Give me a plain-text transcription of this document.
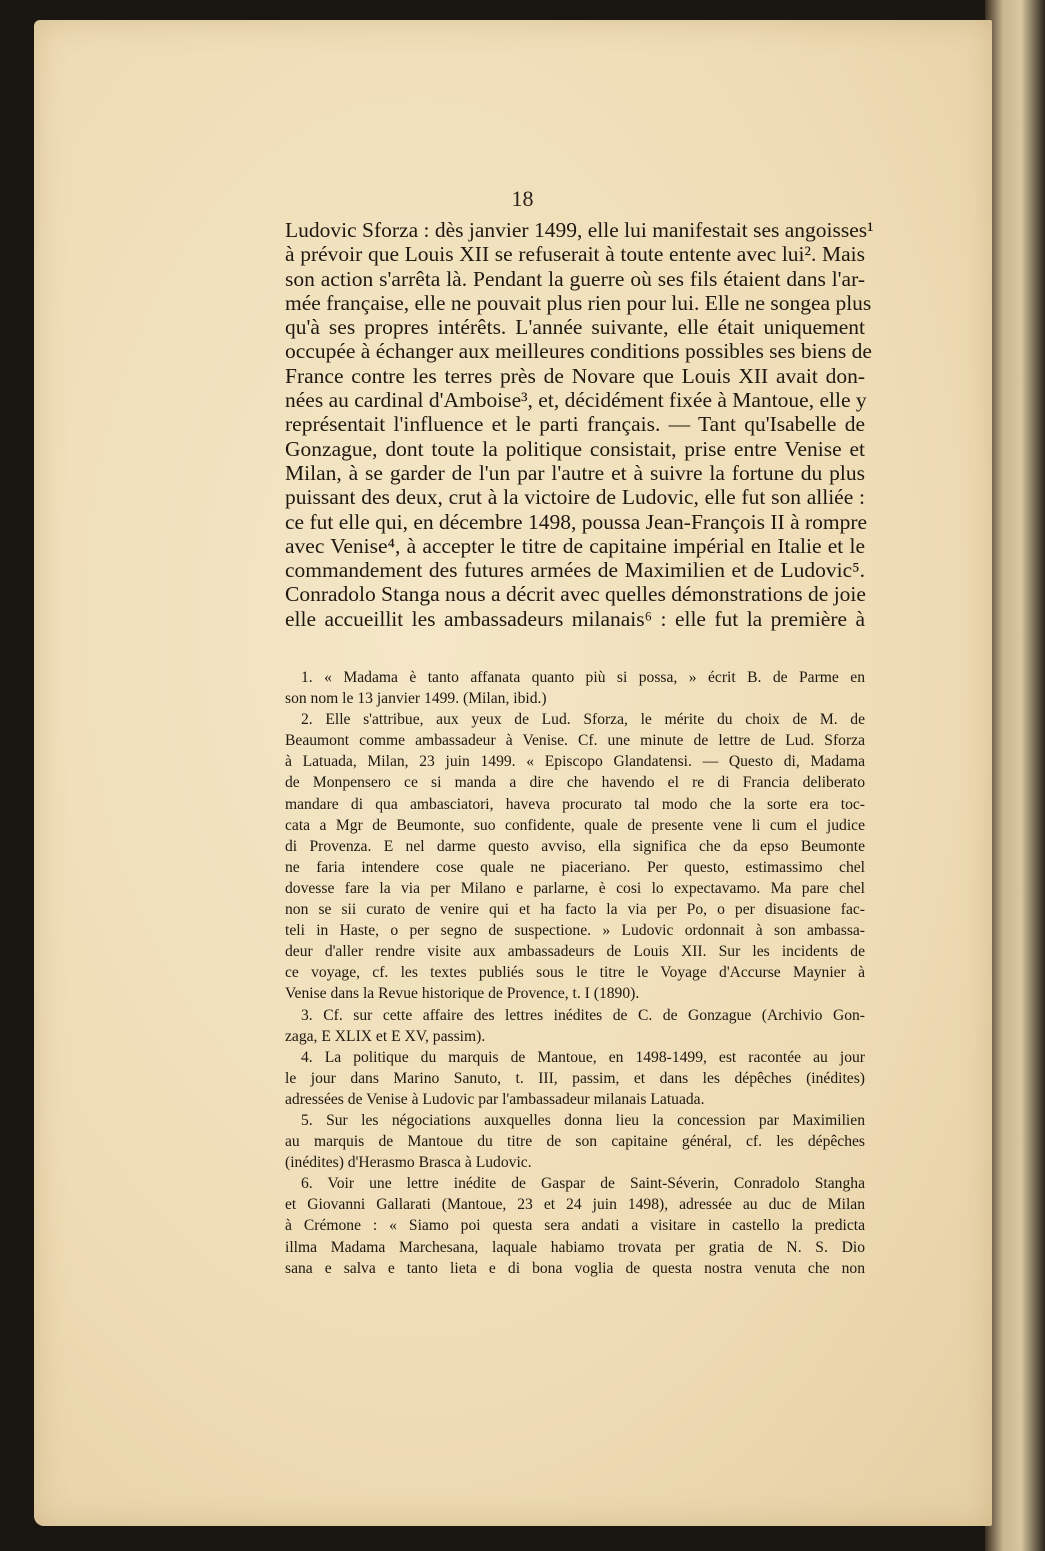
18
Ludovic Sforza : dès janvier 1499, elle lui manifestait ses angoisses¹
à prévoir que Louis XII se refuserait à toute entente avec lui². Mais
son action s'arrêta là. Pendant la guerre où ses fils étaient dans l'ar-
mée française, elle ne pouvait plus rien pour lui. Elle ne songea plus
qu'à ses propres intérêts. L'année suivante, elle était uniquement
occupée à échanger aux meilleures conditions possibles ses biens de
France contre les terres près de Novare que Louis XII avait don-
nées au cardinal d'Amboise³, et, décidément fixée à Mantoue, elle y
représentait l'influence et le parti français. — Tant qu'Isabelle de
Gonzague, dont toute la politique consistait, prise entre Venise et
Milan, à se garder de l'un par l'autre et à suivre la fortune du plus
puissant des deux, crut à la victoire de Ludovic, elle fut son alliée :
ce fut elle qui, en décembre 1498, poussa Jean-François II à rompre
avec Venise⁴, à accepter le titre de capitaine impérial en Italie et le
commandement des futures armées de Maximilien et de Ludovic⁵.
Conradolo Stanga nous a décrit avec quelles démonstrations de joie
elle accueillit les ambassadeurs milanais⁶ : elle fut la première à
1. « Madama è tanto affanata quanto più si possa, » écrit B. de Parme en
son nom le 13 janvier 1499. (Milan, ibid.)
2. Elle s'attribue, aux yeux de Lud. Sforza, le mérite du choix de M. de
Beaumont comme ambassadeur à Venise. Cf. une minute de lettre de Lud. Sforza
à Latuada, Milan, 23 juin 1499. « Episcopo Glandatensi. — Questo di, Madama
de Monpensero ce si manda a dire che havendo el re di Francia deliberato
mandare di qua ambasciatori, haveva procurato tal modo che la sorte era toc-
cata a Mgr de Beumonte, suo confidente, quale de presente vene li cum el judice
di Provenza. E nel darme questo avviso, ella significa che da epso Beumonte
ne faria intendere cose quale ne piaceriano. Per questo, estimassimo chel
dovesse fare la via per Milano e parlarne, è cosi lo expectavamo. Ma pare chel
non se sii curato de venire qui et ha facto la via per Po, o per disuasione fac-
teli in Haste, o per segno de suspectione. » Ludovic ordonnait à son ambassa-
deur d'aller rendre visite aux ambassadeurs de Louis XII. Sur les incidents de
ce voyage, cf. les textes publiés sous le titre le Voyage d'Accurse Maynier à
Venise dans la Revue historique de Provence, t. I (1890).
3. Cf. sur cette affaire des lettres inédites de C. de Gonzague (Archivio Gon-
zaga, E XLIX et E XV, passim).
4. La politique du marquis de Mantoue, en 1498-1499, est racontée au jour
le jour dans Marino Sanuto, t. III, passim, et dans les dépêches (inédites)
adressées de Venise à Ludovic par l'ambassadeur milanais Latuada.
5. Sur les négociations auxquelles donna lieu la concession par Maximilien
au marquis de Mantoue du titre de son capitaine général, cf. les dépêches
(inédites) d'Herasmo Brasca à Ludovic.
6. Voir une lettre inédite de Gaspar de Saint-Séverin, Conradolo Stangha
et Giovanni Gallarati (Mantoue, 23 et 24 juin 1498), adressée au duc de Milan
à Crémone : « Siamo poi questa sera andati a visitare in castello la predicta
illma Madama Marchesana, laquale habiamo trovata per gratia de N. S. Dio
sana e salva e tanto lieta e di bona voglia de questa nostra venuta che non
